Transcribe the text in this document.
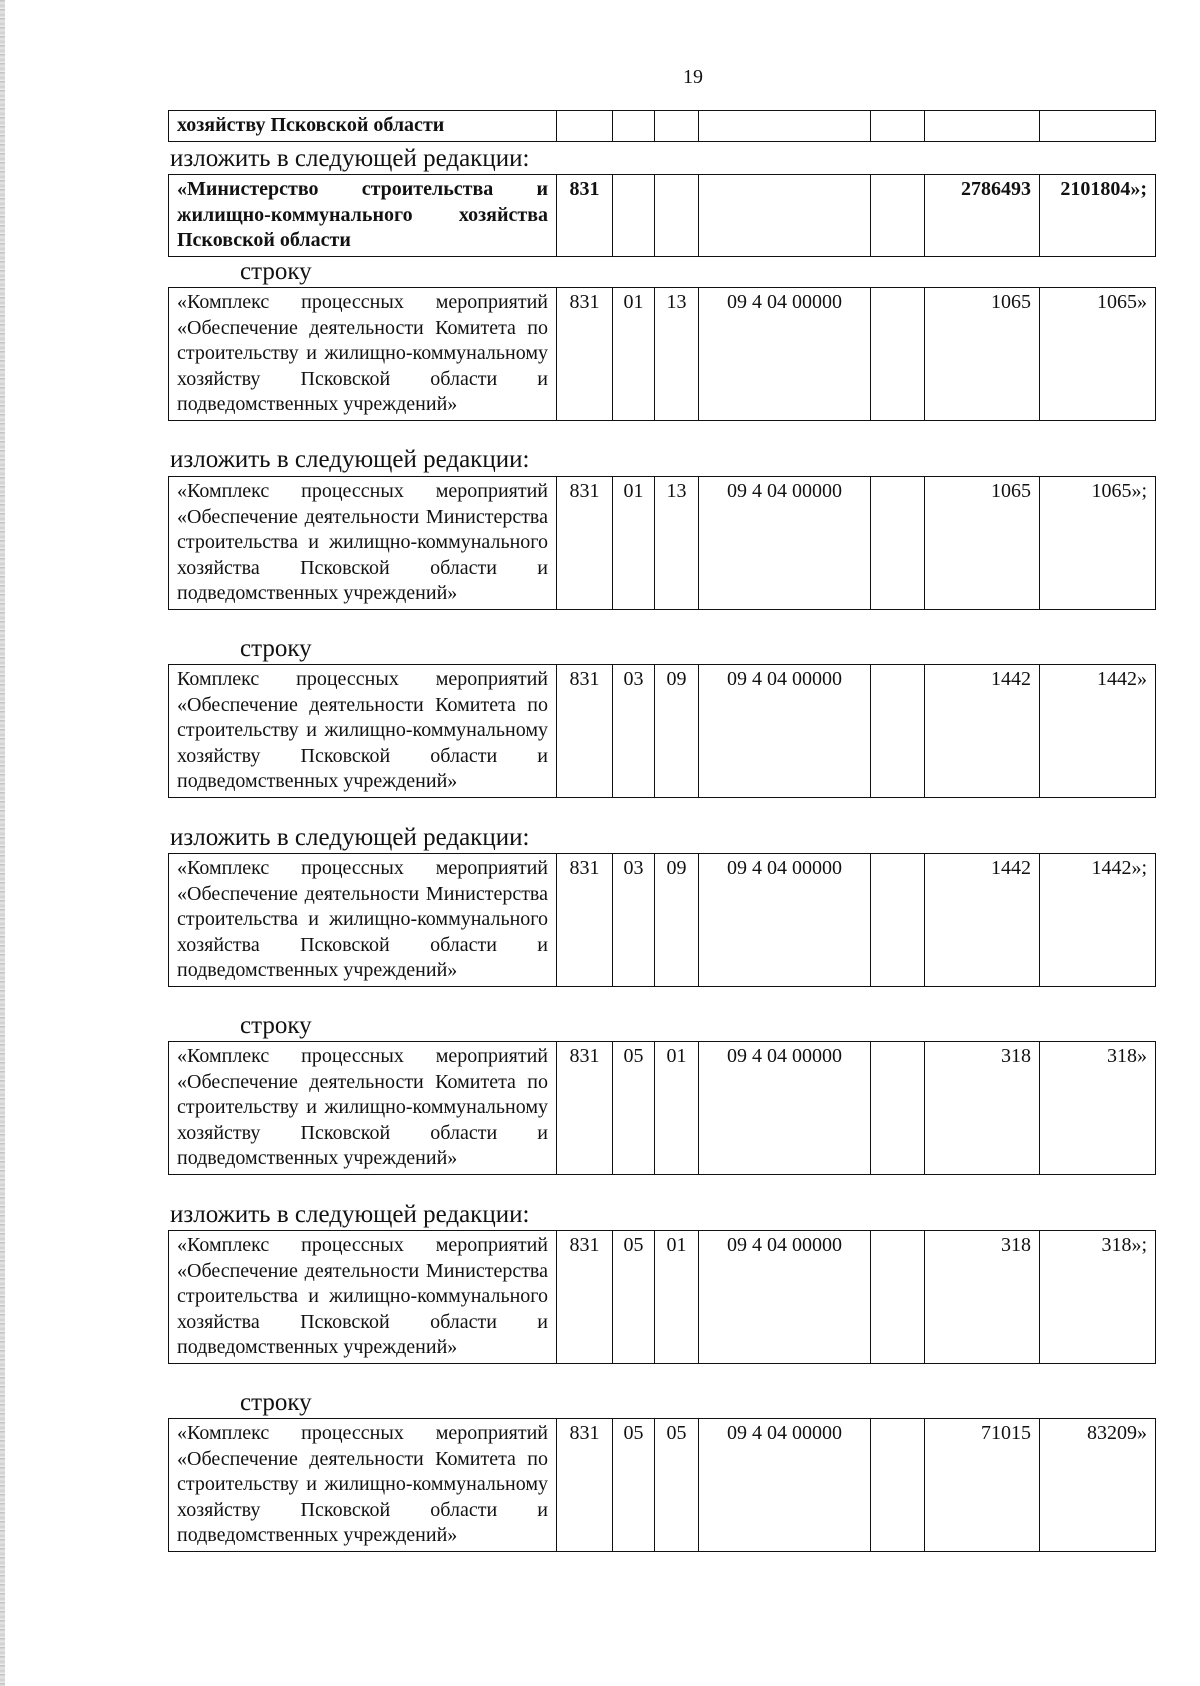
19
хозяйству Псковской области							
изложить в следующей редакции:
«Министерство строительства и жилищно-коммунального хозяйства Псковской области	831					2786493	2101804»;
строку
«Комплекс процессных мероприятий «Обеспечение деятельности Комитета по строительству и жилищно-коммунальному хозяйству Псковской области и подведомственных учреждений»	831	01	13	09 4 04 00000		1065	1065»
изложить в следующей редакции:
«Комплекс процессных мероприятий «Обеспечение деятельности Министерства строительства и жилищно-коммунального хозяйства Псковской области и подведомственных учреждений»	831	01	13	09 4 04 00000		1065	1065»;
строку
Комплекс процессных мероприятий «Обеспечение деятельности Комитета по строительству и жилищно-коммунальному хозяйству Псковской области и подведомственных учреждений»	831	03	09	09 4 04 00000		1442	1442»
изложить в следующей редакции:
«Комплекс процессных мероприятий «Обеспечение деятельности Министерства строительства и жилищно-коммунального хозяйства Псковской области и подведомственных учреждений»	831	03	09	09 4 04 00000		1442	1442»;
строку
«Комплекс процессных мероприятий «Обеспечение деятельности Комитета по строительству и жилищно-коммунальному хозяйству Псковской области и подведомственных учреждений»	831	05	01	09 4 04 00000		318	318»
изложить в следующей редакции:
«Комплекс процессных мероприятий «Обеспечение деятельности Министерства строительства и жилищно-коммунального хозяйства Псковской области и подведомственных учреждений»	831	05	01	09 4 04 00000		318	318»;
строку
«Комплекс процессных мероприятий «Обеспечение деятельности Комитета по строительству и жилищно-коммунальному хозяйству Псковской области и подведомственных учреждений»	831	05	05	09 4 04 00000		71015	83209»
